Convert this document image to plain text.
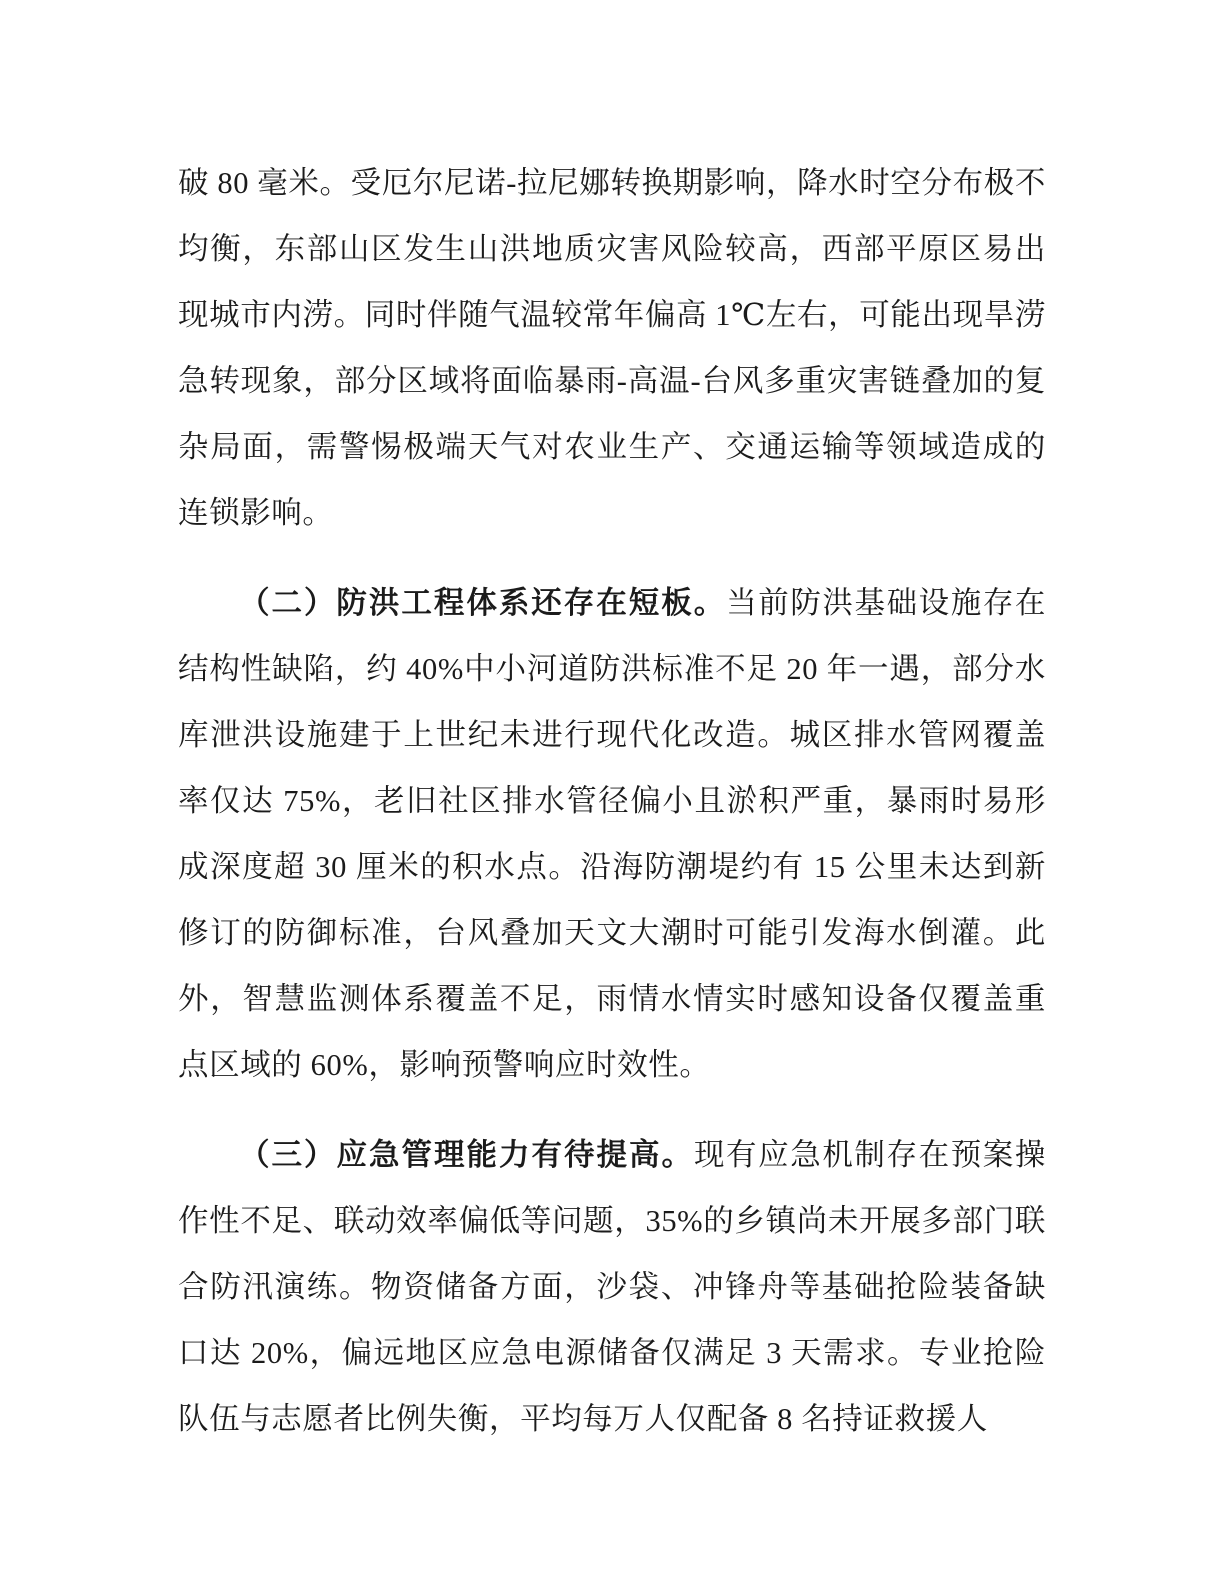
破 80 毫米。受厄尔尼诺-拉尼娜转换期影响，降水时空分布极不均衡，东部山区发生山洪地质灾害风险较高，西部平原区易出现城市内涝。同时伴随气温较常年偏高 1℃左右，可能出现旱涝急转现象，部分区域将面临暴雨-高温-台风多重灾害链叠加的复杂局面，需警惕极端天气对农业生产、交通运输等领域造成的连锁影响。

（二）防洪工程体系还存在短板。当前防洪基础设施存在结构性缺陷，约 40%中小河道防洪标准不足 20 年一遇，部分水库泄洪设施建于上世纪未进行现代化改造。城区排水管网覆盖率仅达 75%，老旧社区排水管径偏小且淤积严重，暴雨时易形成深度超 30 厘米的积水点。沿海防潮堤约有 15 公里未达到新修订的防御标准，台风叠加天文大潮时可能引发海水倒灌。此外，智慧监测体系覆盖不足，雨情水情实时感知设备仅覆盖重点区域的 60%，影响预警响应时效性。

（三）应急管理能力有待提高。现有应急机制存在预案操作性不足、联动效率偏低等问题，35%的乡镇尚未开展多部门联合防汛演练。物资储备方面，沙袋、冲锋舟等基础抢险装备缺口达 20%，偏远地区应急电源储备仅满足 3 天需求。专业抢险队伍与志愿者比例失衡，平均每万人仅配备 8 名持证救援人
